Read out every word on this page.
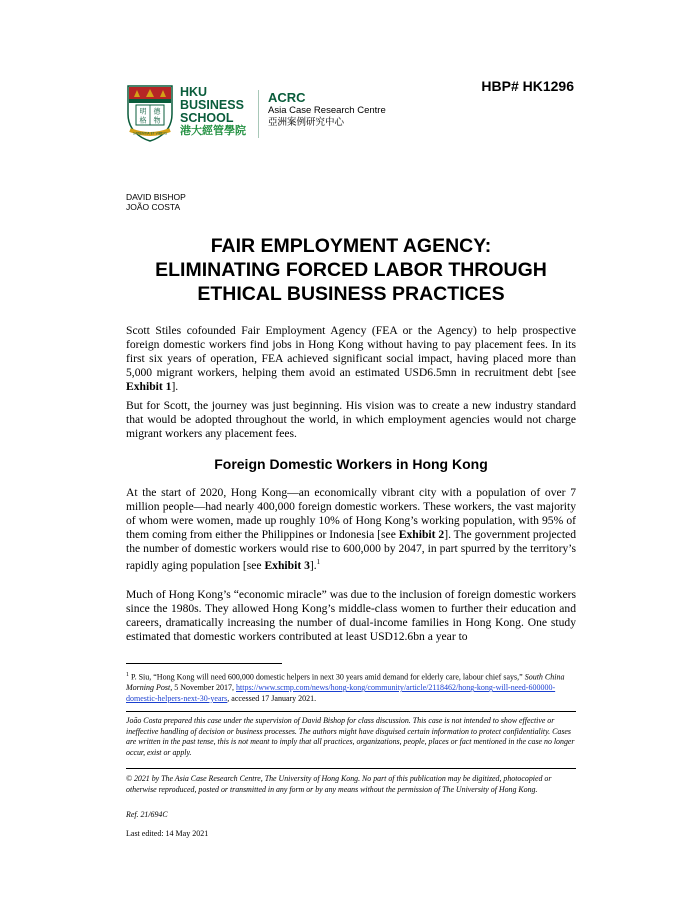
HBP# HK1296
明 德
格 物
SAPIENTIA ET VIRTUS
HKU
BUSINESS
SCHOOL
港大經管學院
ACRC
Asia Case Research Centre
亞洲案例研究中心
DAVID BISHOP
JOÃO COSTA
FAIR EMPLOYMENT AGENCY:
ELIMINATING FORCED LABOR THROUGH
ETHICAL BUSINESS PRACTICES

Scott Stiles cofounded Fair Employment Agency (FEA or the Agency) to help prospective foreign domestic workers find jobs in Hong Kong without having to pay placement fees. In its first six years of operation, FEA achieved significant social impact, having placed more than 5,000 migrant workers, helping them avoid an estimated USD6.5mn in recruitment debt [see Exhibit 1].

But for Scott, the journey was just beginning. His vision was to create a new industry standard that would be adopted throughout the world, in which employment agencies would not charge migrant workers any placement fees.

Foreign Domestic Workers in Hong Kong

At the start of 2020, Hong Kong—an economically vibrant city with a population of over 7 million people—had nearly 400,000 foreign domestic workers. These workers, the vast majority of whom were women, made up roughly 10% of Hong Kong’s working population, with 95% of them coming from either the Philippines or Indonesia [see Exhibit 2]. The government projected the number of domestic workers would rise to 600,000 by 2047, in part spurred by the territory’s rapidly aging population [see Exhibit 3].$^1$

Much of Hong Kong’s “economic miracle” was due to the inclusion of foreign domestic workers since the 1980s. They allowed Hong Kong’s middle-class women to further their education and careers, dramatically increasing the number of dual-income families in Hong Kong. One study estimated that domestic workers contributed at least USD12.6bn a year to

$^1$ P. Siu, “Hong Kong will need 600,000 domestic helpers in next 30 years amid demand for elderly care, labour chief says,” South China Morning Post, 5 November 2017, https://www.scmp.com/news/hong-kong/community/article/2118462/hong-kong-will-need-600000-domestic-helpers-next-30-years, accessed 17 January 2021.

João Costa prepared this case under the supervision of David Bishop for class discussion. This case is not intended to show effective or ineffective handling of decision or business processes. The authors might have disguised certain information to protect confidentiality. Cases are written in the past tense, this is not meant to imply that all practices, organizations, people, places or fact mentioned in the case no longer occur, exist or apply.

© 2021 by The Asia Case Research Centre, The University of Hong Kong. No part of this publication may be digitized, photocopied or otherwise reproduced, posted or transmitted in any form or by any means without the permission of The University of Hong Kong.

Ref. 21/694C
Last edited: 14 May 2021
